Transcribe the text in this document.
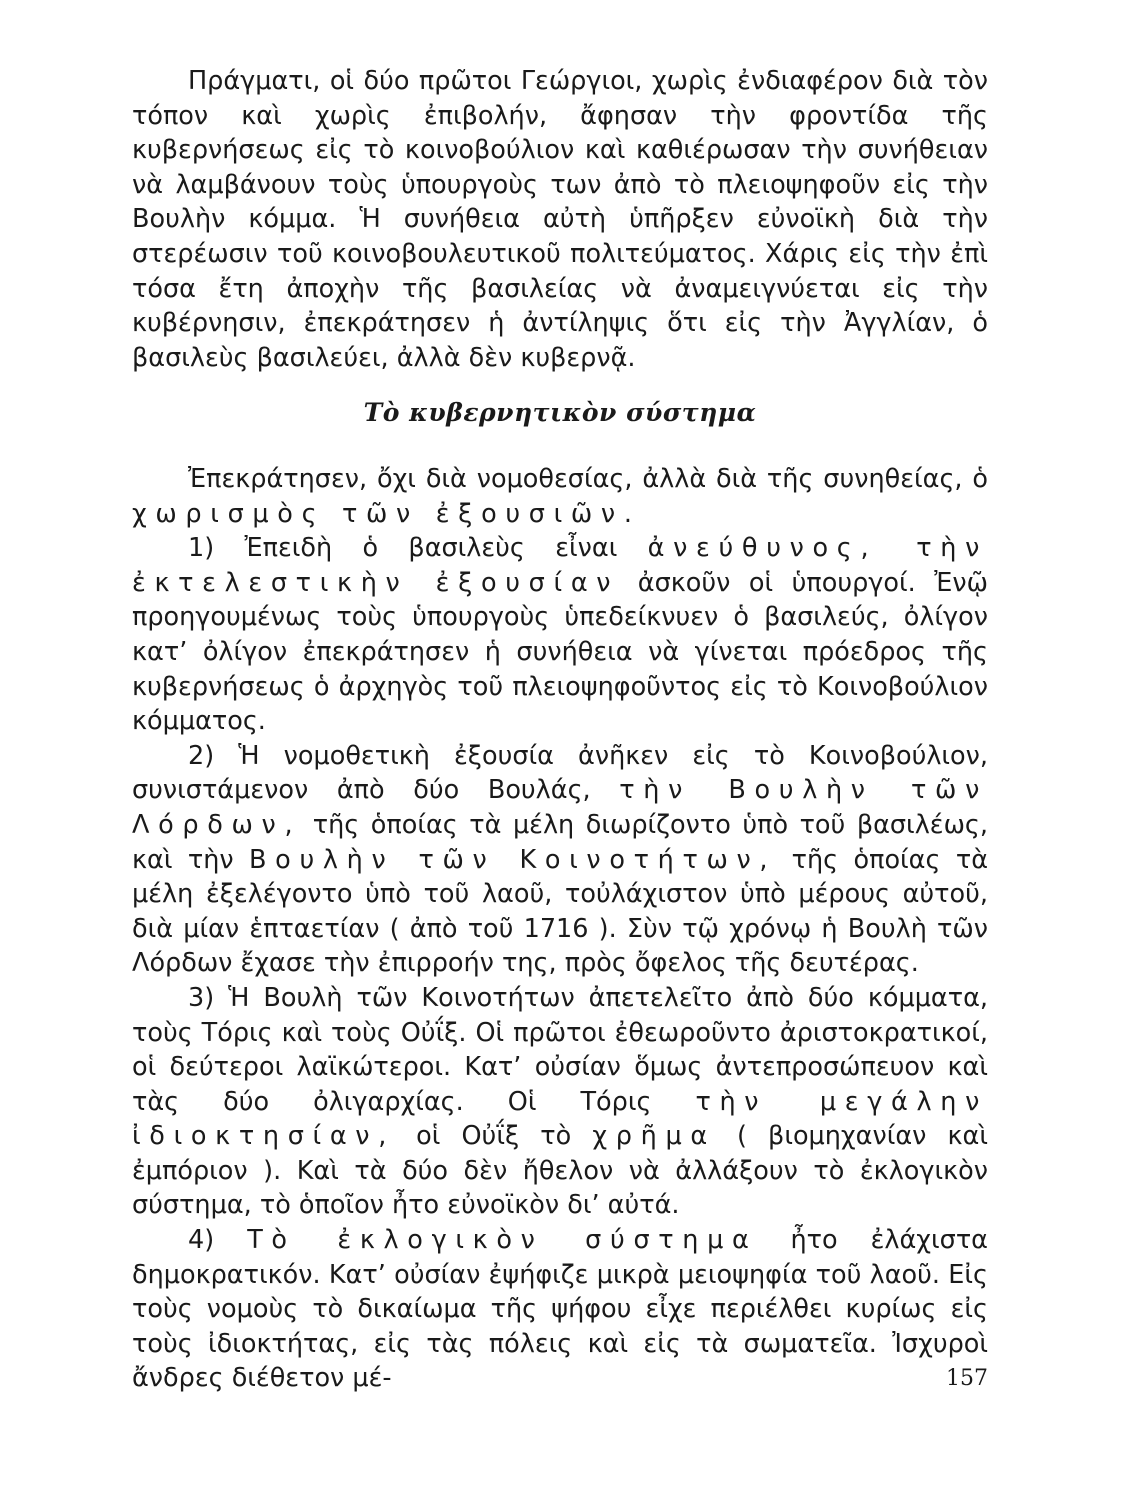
Πράγματι, οἱ δύο πρῶτοι Γεώργιοι, χωρὶς ἐνδιαφέρον διὰ τὸν τόπον καὶ χωρὶς ἐπιβολήν, ἄφησαν τὴν φροντίδα τῆς κυβερνήσεως εἰς τὸ κοινοβούλιον καὶ καθιέρωσαν τὴν συνήθειαν νὰ λαμβάνουν τοὺς ὑπουργοὺς των ἀπὸ τὸ πλειοψηφοῦν εἰς τὴν Βουλὴν κόμμα. Ἡ συνήθεια αὐτὴ ὑπῆρξεν εὐνοϊκὴ διὰ τὴν στερέωσιν τοῦ κοινοβουλευτικοῦ πολιτεύματος. Χάρις εἰς τὴν ἐπὶ τόσα ἔτη ἀποχὴν τῆς βασιλείας νὰ ἀναμειγνύεται εἰς τὴν κυβέρνησιν, ἐπεκράτησεν ἡ ἀντίληψις ὅτι εἰς τὴν Ἀγγλίαν, ὁ βασιλεὺς βασιλεύει, ἀλλὰ δὲν κυβερνᾷ.

Τὸ κυβερνητικὸν σύστημα

Ἐπεκράτησεν, ὄχι διὰ νομοθεσίας, ἀλλὰ διὰ τῆς συνηθείας, ὁ χωρισμὸς τῶν ἐξουσιῶν.

1) Ἐπειδὴ ὁ βασιλεὺς εἶναι ἀνεύθυνος, τὴν ἐκτελεστικὴν ἐξουσίαν ἀσκοῦν οἱ ὑπουργοί. Ἐνῷ προηγουμένως τοὺς ὑπουργοὺς ὑπεδείκνυεν ὁ βασιλεύς, ὀλίγον κατ’ ὀλίγον ἐπεκράτησεν ἡ συνήθεια νὰ γίνεται πρόεδρος τῆς κυβερνήσεως ὁ ἀρχηγὸς τοῦ πλειοψηφοῦντος εἰς τὸ Κοινοβούλιον κόμματος.

2) Ἡ νομοθετικὴ ἐξουσία ἀνῆκεν εἰς τὸ Κοινοβούλιον, συνιστάμενον ἀπὸ δύο Βουλάς, τὴν Βουλὴν τῶν Λόρδων, τῆς ὁποίας τὰ μέλη διωρίζοντο ὑπὸ τοῦ βασιλέως, καὶ τὴν Βουλὴν τῶν Κοινοτήτων, τῆς ὁποίας τὰ μέλη ἐξελέγοντο ὑπὸ τοῦ λαοῦ, τοὐλάχιστον ὑπὸ μέρους αὐτοῦ, διὰ μίαν ἑπταετίαν ( ἀπὸ τοῦ 1716 ). Σὺν τῷ χρόνῳ ἡ Βουλὴ τῶν Λόρδων ἔχασε τὴν ἐπιρροήν της, πρὸς ὄφελος τῆς δευτέρας.

3) Ἡ Βουλὴ τῶν Κοινοτήτων ἀπετελεῖτο ἀπὸ δύο κόμματα, τοὺς Τόρις καὶ τοὺς Οὐΐξ. Οἱ πρῶτοι ἐθεωροῦντο ἀριστοκρατικοί, οἱ δεύτεροι λαϊκώτεροι. Κατ’ οὐσίαν ὅμως ἀντεπροσώπευον καὶ τὰς δύο ὀλιγαρχίας. Οἱ Τόρις τὴν μεγάλην ἰδιοκτησίαν, οἱ Οὐΐξ τὸ χρῆμα ( βιομηχανίαν καὶ ἐμπόριον ). Καὶ τὰ δύο δὲν ἤθελον νὰ ἀλλάξουν τὸ ἐκλογικὸν σύστημα, τὸ ὁποῖον ἦτο εὐνοϊκὸν δι’ αὐτά.

4) Τὸ ἐκλογικὸν σύστημα ἦτο ἐλάχιστα δημοκρατικόν. Κατ’ οὐσίαν ἐψήφιζε μικρὰ μειοψηφία τοῦ λαοῦ. Εἰς τοὺς νομοὺς τὸ δικαίωμα τῆς ψήφου εἶχε περιέλθει κυρίως εἰς τοὺς ἰδιοκτήτας, εἰς τὰς πόλεις καὶ εἰς τὰ σωματεῖα. Ἰσχυροὶ ἄνδρες διέθετον μέ-	157
